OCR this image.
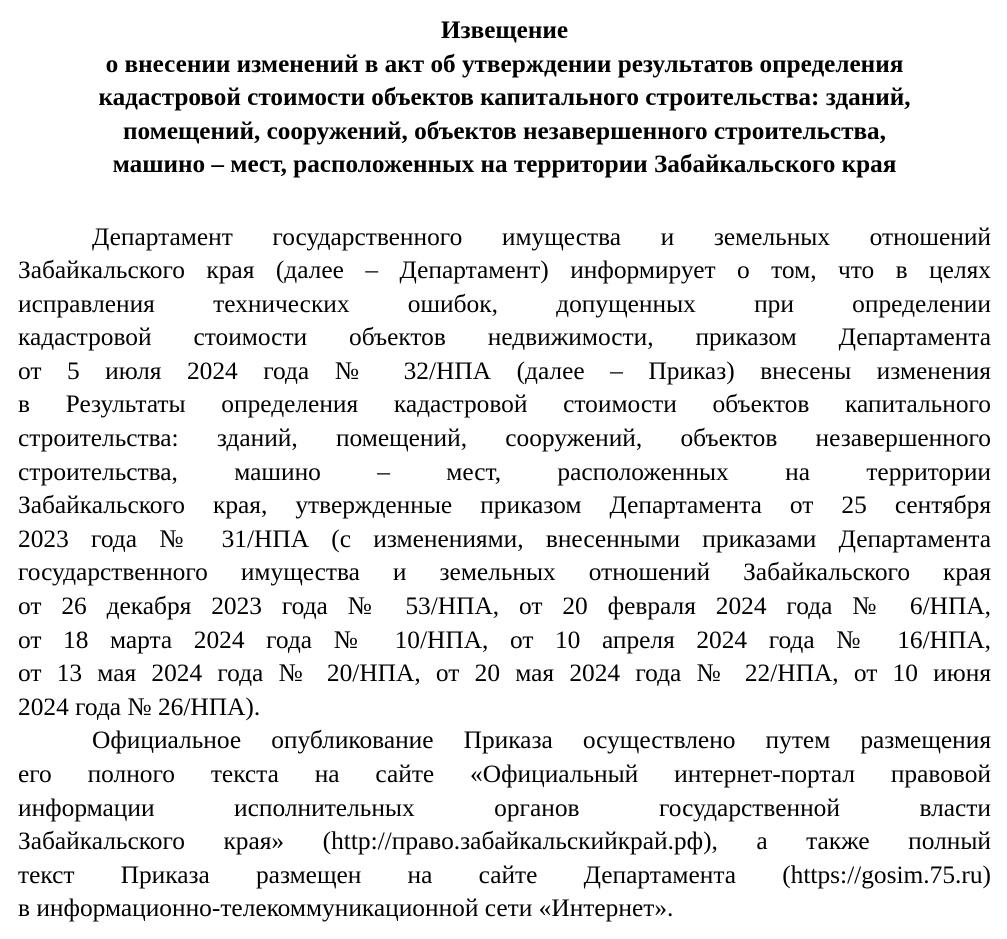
Извещение
о внесении изменений в акт об утверждении результатов определения
кадастровой стоимости объектов капитального строительства: зданий,
помещений, сооружений, объектов незавершенного строительства,
машино – мест, расположенных на территории Забайкальского края
Департамент государственного имущества и земельных отношений
Забайкальского края (далее – Департамент) информирует о том, что в целях
исправления технических ошибок, допущенных при определении
кадастровой стоимости объектов недвижимости, приказом Департамента
от 5 июля 2024 года № 32/НПА (далее – Приказ) внесены изменения
в Результаты определения кадастровой стоимости объектов капитального
строительства: зданий, помещений, сооружений, объектов незавершенного
строительства, машино – мест, расположенных на территории
Забайкальского края, утвержденные приказом Департамента от 25 сентября
2023 года № 31/НПА (с изменениями, внесенными приказами Департамента
государственного имущества и земельных отношений Забайкальского края
от 26 декабря 2023 года № 53/НПА, от 20 февраля 2024 года № 6/НПА,
от 18 марта 2024 года № 10/НПА, от 10 апреля 2024 года № 16/НПА,
от 13 мая 2024 года № 20/НПА, от 20 мая 2024 года № 22/НПА, от 10 июня
2024 года № 26/НПА).
Официальное опубликование Приказа осуществлено путем размещения
его полного текста на сайте «Официальный интернет-портал правовой
информации исполнительных органов государственной власти
Забайкальского края» (http://право.забайкальскийкрай.рф), а также полный
текст Приказа размещен на сайте Департамента (https://gosim.75.ru)
в информационно-телекоммуникационной сети «Интернет».
